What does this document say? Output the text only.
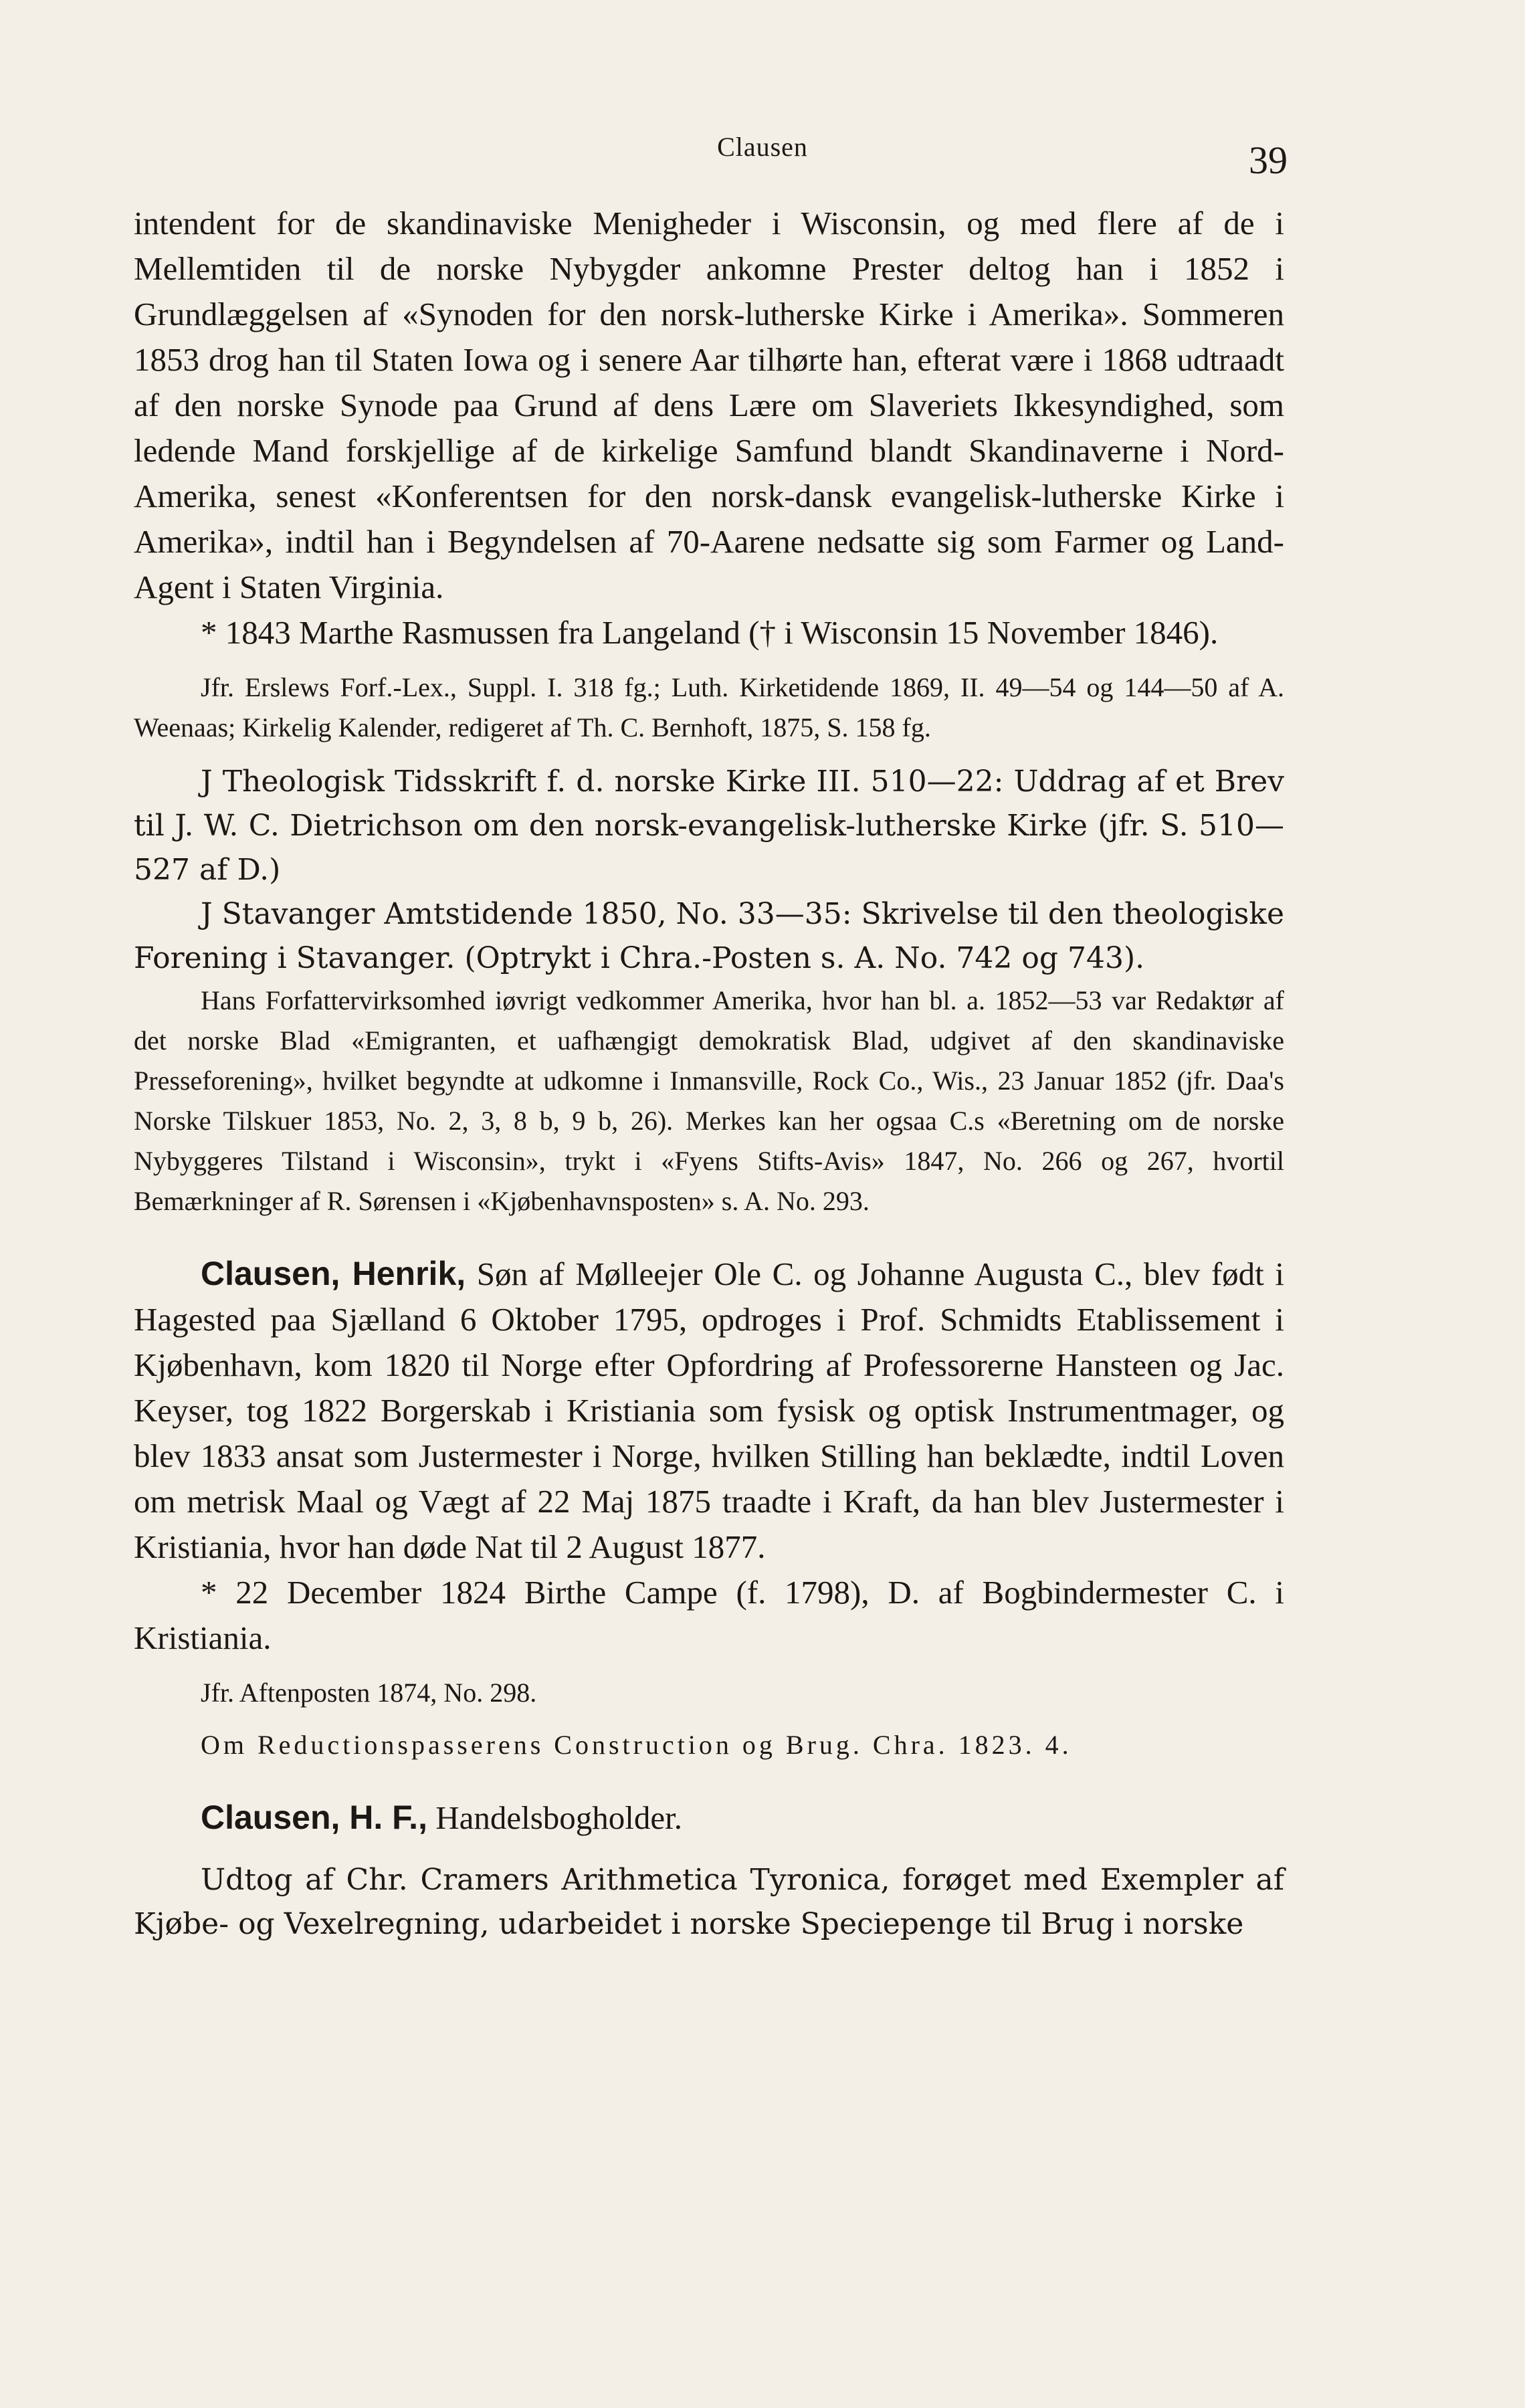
Clausen	39

intendent for de skandinaviske Menigheder i Wisconsin, og med flere af de i Mellemtiden til de norske Nybygder ankomne Prester deltog han i 1852 i Grundlæggelsen af «Synoden for den norsk-lutherske Kirke i Amerika». Sommeren 1853 drog han til Staten Iowa og i senere Aar tilhørte han, efterat være i 1868 udtraadt af den norske Synode paa Grund af dens Lære om Slaveriets Ikkesyndighed, som ledende Mand forskjellige af de kirkelige Samfund blandt Skandinaverne i Nord-Amerika, senest «Konferentsen for den norsk-dansk evangelisk-lutherske Kirke i Amerika», indtil han i Begyndelsen af 70-Aarene nedsatte sig som Farmer og Land-Agent i Staten Virginia.

* 1843 Marthe Rasmussen fra Langeland († i Wisconsin 15 November 1846).

Jfr. Erslews Forf.-Lex., Suppl. I. 318 fg.; Luth. Kirketidende 1869, II. 49—54 og 144—50 af A. Weenaas; Kirkelig Kalender, redigeret af Th. C. Bernhoft, 1875, S. 158 fg.

J Theologisk Tidsskrift f. d. norske Kirke III. 510—22: Uddrag af et Brev til J. W. C. Dietrichson om den norsk-evangelisk-lutherske Kirke (jfr. S. 510—527 af D.)

J Stavanger Amtstidende 1850, No. 33—35: Skrivelse til den theologiske Forening i Stavanger. (Optrykt i Chra.-Posten s. A. No. 742 og 743).

Hans Forfattervirksomhed iøvrigt vedkommer Amerika, hvor han bl. a. 1852—53 var Redaktør af det norske Blad «Emigranten, et uafhængigt demokratisk Blad, udgivet af den skandinaviske Presseforening», hvilket begyndte at udkomne i Inmansville, Rock Co., Wis., 23 Januar 1852 (jfr. Daa's Norske Tilskuer 1853, No. 2, 3, 8 b, 9 b, 26). Merkes kan her ogsaa C.s «Beretning om de norske Nybyggeres Tilstand i Wisconsin», trykt i «Fyens Stifts-Avis» 1847, No. 266 og 267, hvortil Bemærkninger af R. Sørensen i «Kjøbenhavnsposten» s. A. No. 293.

Clausen, Henrik, Søn af Mølleejer Ole C. og Johanne Augusta C., blev født i Hagested paa Sjælland 6 Oktober 1795, opdroges i Prof. Schmidts Etablissement i Kjøbenhavn, kom 1820 til Norge efter Opfordring af Professorerne Hansteen og Jac. Keyser, tog 1822 Borgerskab i Kristiania som fysisk og optisk Instrumentmager, og blev 1833 ansat som Justermester i Norge, hvilken Stilling han beklædte, indtil Loven om metrisk Maal og Vægt af 22 Maj 1875 traadte i Kraft, da han blev Justermester i Kristiania, hvor han døde Nat til 2 August 1877.

* 22 December 1824 Birthe Campe (f. 1798), D. af Bogbindermester C. i Kristiania.

Jfr. Aftenposten 1874, No. 298.

Om Reductionspasserens Construction og Brug. Chra. 1823. 4.

Clausen, H. F., Handelsbogholder.

Udtog af Chr. Cramers Arithmetica Tyronica, forøget med Exempler af Kjøbe- og Vexelregning, udarbeidet i norske Speciepenge til Brug i norske
